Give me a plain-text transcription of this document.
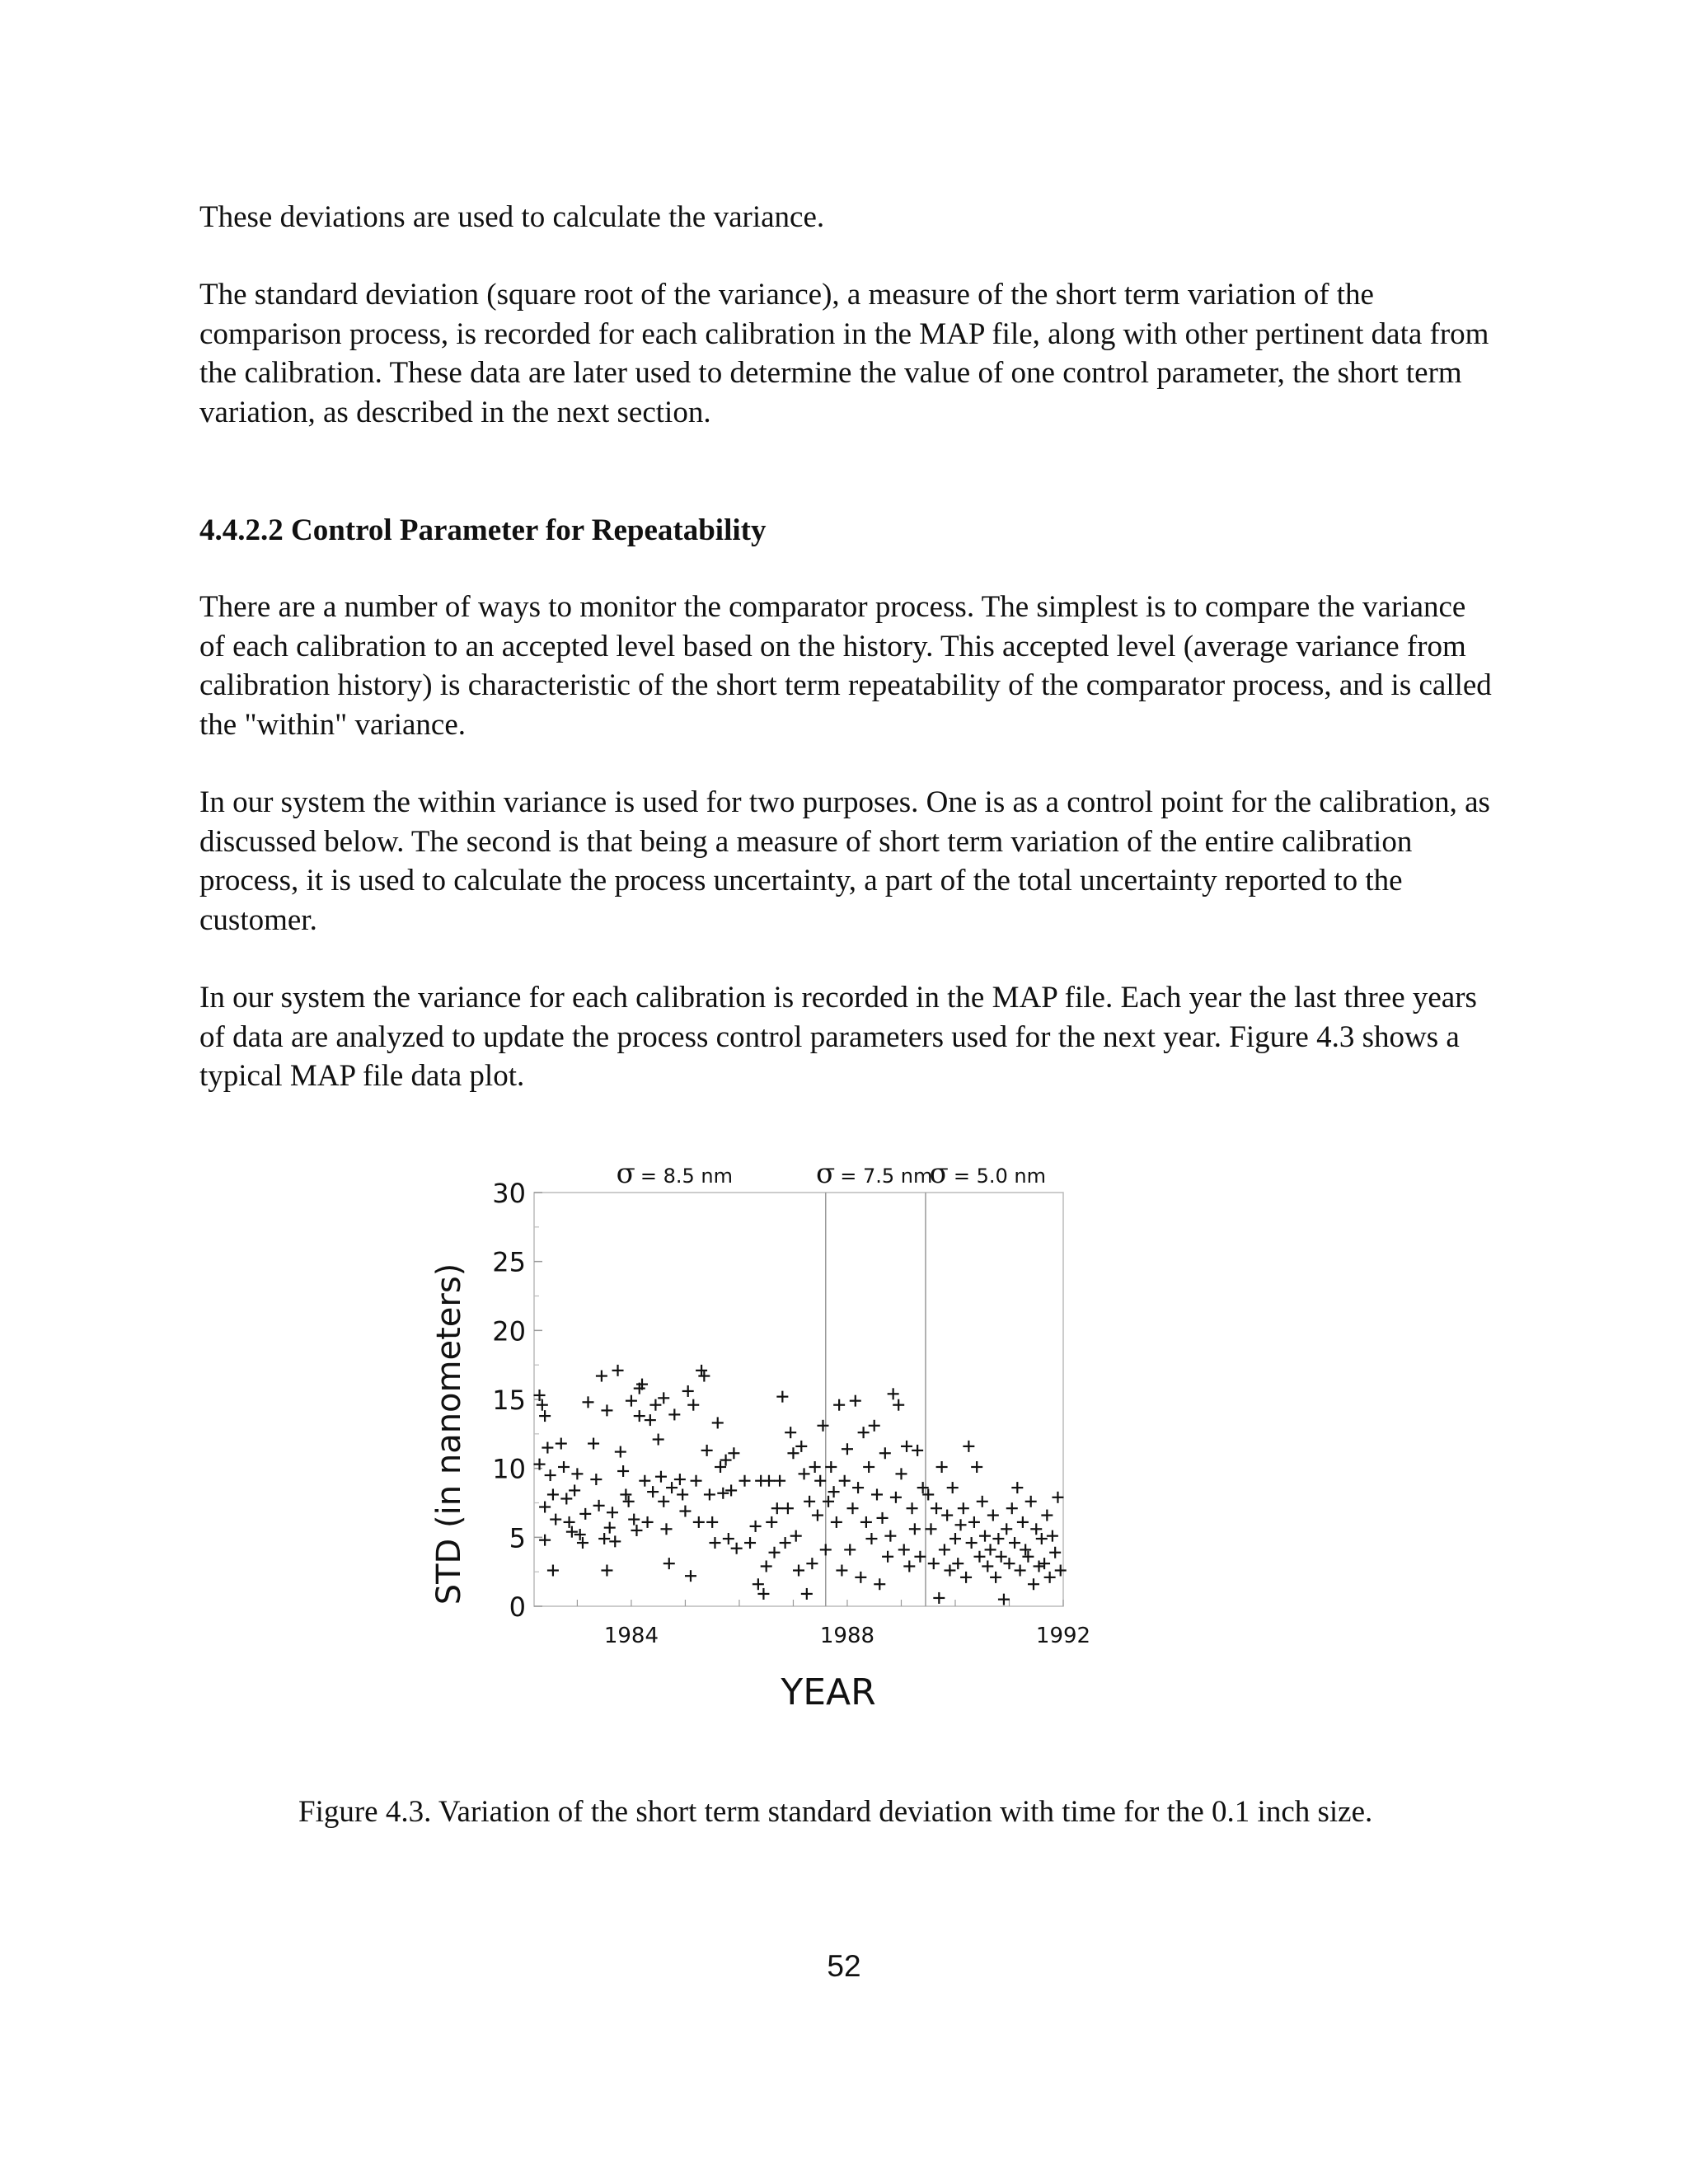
These deviations are used to calculate the variance.

The standard deviation (square root of the variance), a measure of the short term variation of the comparison process, is recorded for each calibration in the MAP file, along with other pertinent data from the calibration. These data are later used to determine the value of one control parameter, the short term variation, as described in the next section.

4.4.2.2 Control Parameter for Repeatability

There are a number of ways to monitor the comparator process. The simplest is to compare the variance of each calibration to an accepted level based on the history. This accepted level (average variance from calibration history) is characteristic of the short term repeatability of the comparator process, and is called the "within" variance.

In our system the within variance is used for two purposes. One is as a control point for the calibration, as discussed below. The second is that being a measure of short term variation of the entire calibration process, it is used to calculate the process uncertainty, a part of the total uncertainty reported to the customer.

In our system the variance for each calibration is recorded in the MAP file. Each year the last three years of data are analyzed to update the process control parameters used for the next year. Figure 4.3 shows a typical MAP file data plot.

σ = 8.5 nm	σ = 7.5 nm
σ = 5.0 nm
0
5
10
15
20
25
30
1984	1988	1992
YEAR
STD (in nanometers)

Figure 4.3. Variation of the short term standard deviation with time for the 0.1 inch size.

52
